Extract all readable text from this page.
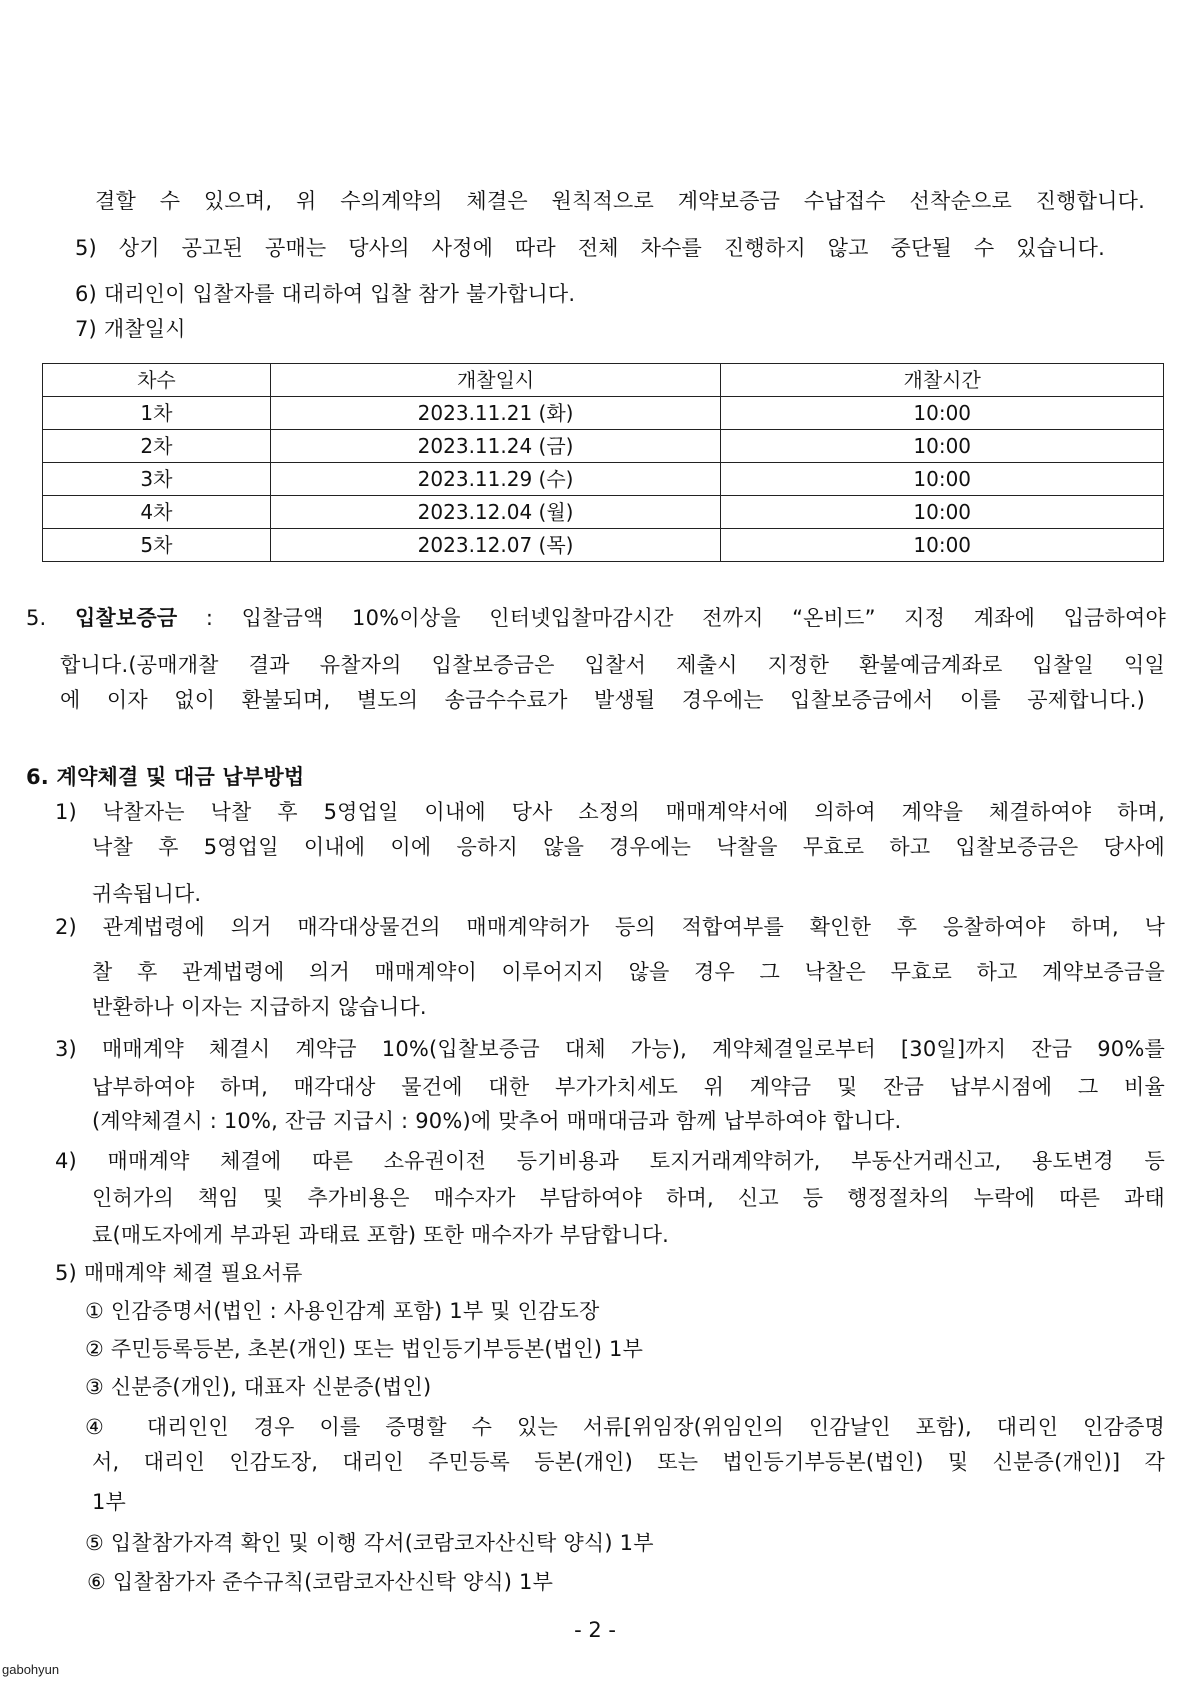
결할 수 있으며, 위 수의계약의 체결은 원칙적으로 계약보증금 수납접수 선착순으로 진행합니다.
5) 상기 공고된 공매는 당사의 사정에 따라 전체 차수를 진행하지 않고 중단될 수 있습니다.
6) 대리인이 입찰자를 대리하여 입찰 참가 불가합니다.
7) 개찰일시
차수	개찰일시	개찰시간
1차	2023.11.21 (화)	10:00
2차	2023.11.24 (금)	10:00
3차	2023.11.29 (수)	10:00
4차	2023.12.04 (월)	10:00
5차	2023.12.07 (목)	10:00
5. 입찰보증금 : 입찰금액 10%이상을 인터넷입찰마감시간 전까지 “온비드” 지정 계좌에 입금하여야
합니다.(공매개찰 결과 유찰자의 입찰보증금은 입찰서 제출시 지정한 환불예금계좌로 입찰일 익일
에 이자 없이 환불되며, 별도의 송금수수료가 발생될 경우에는 입찰보증금에서 이를 공제합니다.)
6. 계약체결 및 대금 납부방법
1) 낙찰자는 낙찰 후 5영업일 이내에 당사 소정의 매매계약서에 의하여 계약을 체결하여야 하며,
낙찰 후 5영업일 이내에 이에 응하지 않을 경우에는 낙찰을 무효로 하고 입찰보증금은 당사에
귀속됩니다.
2) 관계법령에 의거 매각대상물건의 매매계약허가 등의 적합여부를 확인한 후 응찰하여야 하며, 낙
찰 후 관계법령에 의거 매매계약이 이루어지지 않을 경우 그 낙찰은 무효로 하고 계약보증금을
반환하나 이자는 지급하지 않습니다.
3) 매매계약 체결시 계약금 10%(입찰보증금 대체 가능), 계약체결일로부터 [30일]까지 잔금 90%를
납부하여야 하며, 매각대상 물건에 대한 부가가치세도 위 계약금 및 잔금 납부시점에 그 비율
(계약체결시 : 10%, 잔금 지급시 : 90%)에 맞추어 매매대금과 함께 납부하여야 합니다.
4) 매매계약 체결에 따른 소유권이전 등기비용과 토지거래계약허가, 부동산거래신고, 용도변경 등
인허가의 책임 및 추가비용은 매수자가 부담하여야 하며, 신고 등 행정절차의 누락에 따른 과태
료(매도자에게 부과된 과태료 포함) 또한 매수자가 부담합니다.
5) 매매계약 체결 필요서류
① 인감증명서(법인 : 사용인감계 포함) 1부 및 인감도장
② 주민등록등본, 초본(개인) 또는 법인등기부등본(법인) 1부
③ 신분증(개인), 대표자 신분증(법인)
④ 대리인인 경우 이를 증명할 수 있는 서류[위임장(위임인의 인감날인 포함), 대리인 인감증명
서, 대리인 인감도장, 대리인 주민등록 등본(개인) 또는 법인등기부등본(법인) 및 신분증(개인)] 각
1부
⑤ 입찰참가자격 확인 및 이행 각서(코람코자산신탁 양식) 1부
⑥ 입찰참가자 준수규칙(코람코자산신탁 양식) 1부
- 2 -
gabohyun
